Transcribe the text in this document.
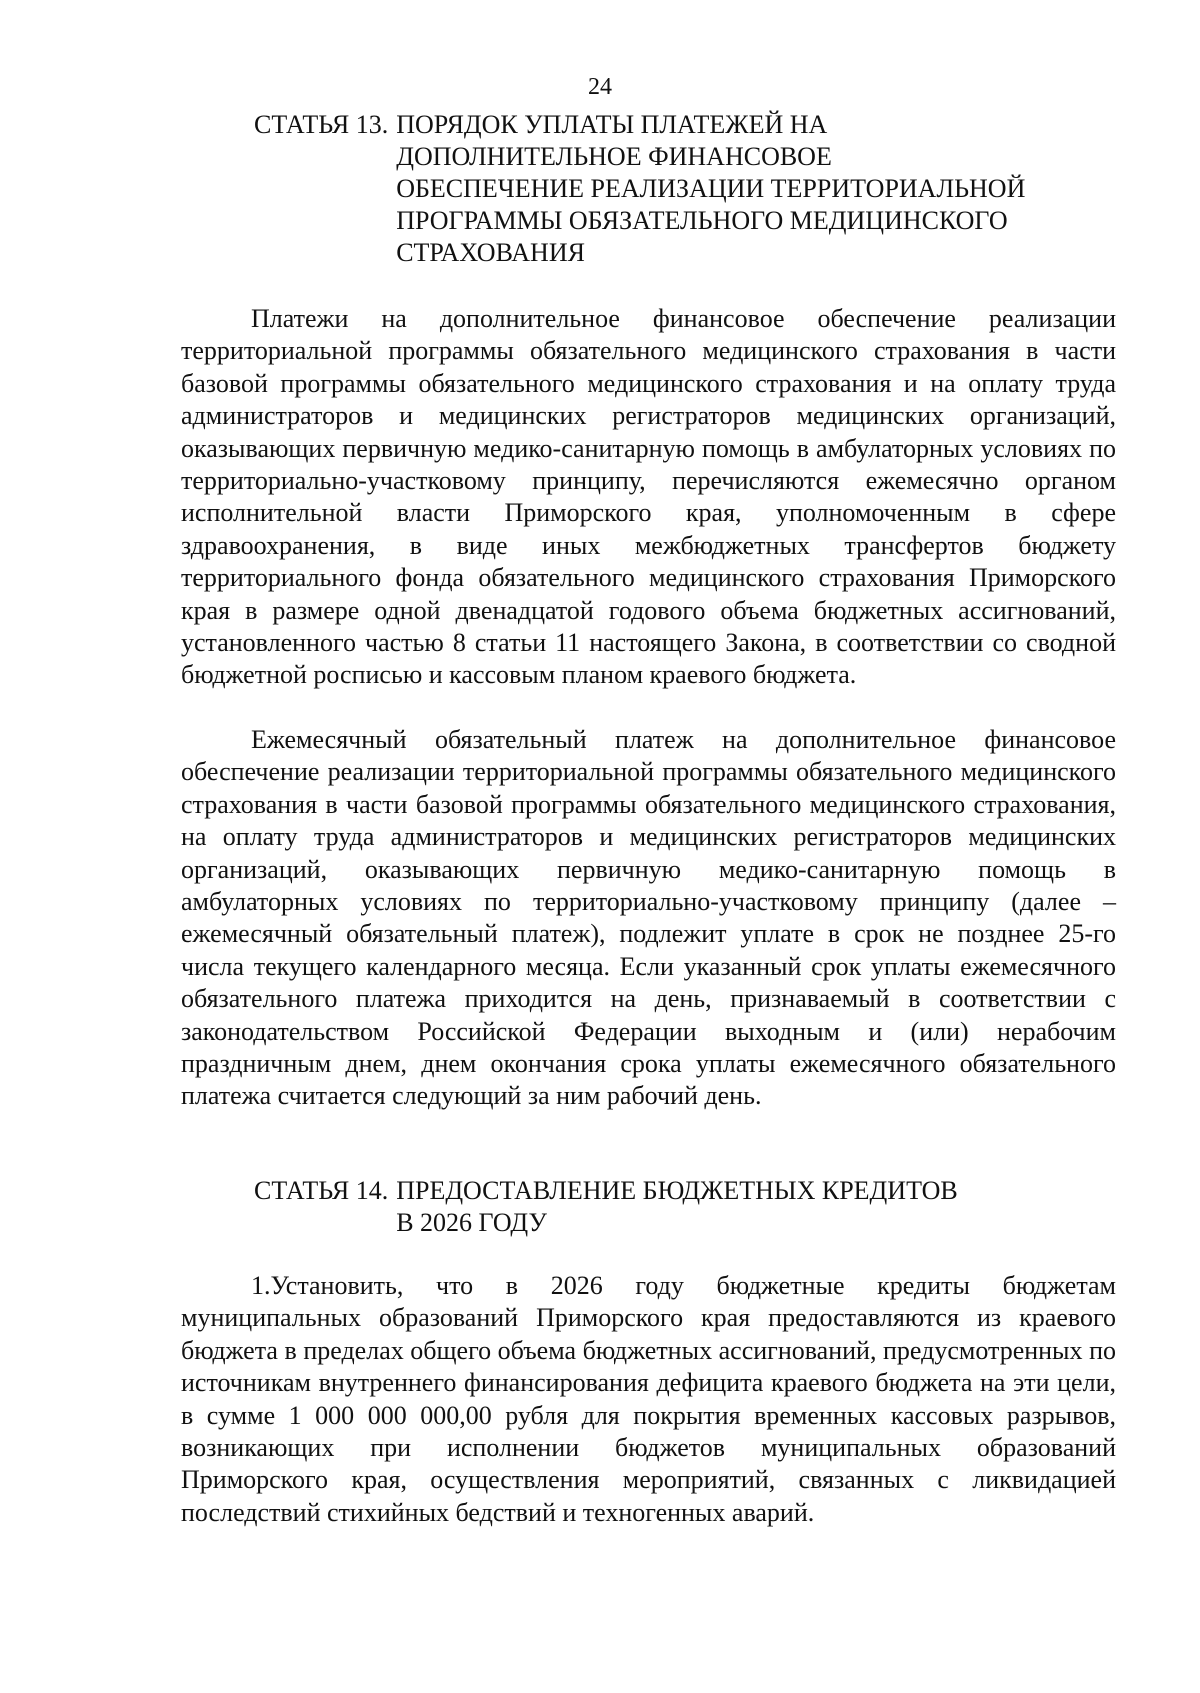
24
СТАТЬЯ 13. ПОРЯДОК УПЛАТЫ ПЛАТЕЖЕЙ НА
ДОПОЛНИТЕЛЬНОЕ ФИНАНСОВОЕ
ОБЕСПЕЧЕНИЕ РЕАЛИЗАЦИИ ТЕРРИТОРИАЛЬНОЙ
ПРОГРАММЫ ОБЯЗАТЕЛЬНОГО МЕДИЦИНСКОГО
СТРАХОВАНИЯ

Платежи на дополнительное финансовое обеспечение реализации территориальной программы обязательного медицинского страхования в части базовой программы обязательного медицинского страхования и на оплату труда администраторов и медицинских регистраторов медицинских организаций, оказывающих первичную медико-санитарную помощь в амбулаторных условиях по территориально-участковому принципу, перечисляются ежемесячно органом исполнительной власти Приморского края, уполномоченным в сфере здравоохранения, в виде иных межбюджетных трансфертов бюджету территориального фонда обязательного медицинского страхования Приморского края в размере одной двенадцатой годового объема бюджетных ассигнований, установленного частью 8 статьи 11 настоящего Закона, в соответствии со сводной бюджетной росписью и кассовым планом краевого бюджета.

Ежемесячный обязательный платеж на дополнительное финансовое обеспечение реализации территориальной программы обязательного медицинского страхования в части базовой программы обязательного медицинского страхования, на оплату труда администраторов и медицинских регистраторов медицинских организаций, оказывающих первичную медико-санитарную помощь в амбулаторных условиях по территориально-участковому принципу (далее – ежемесячный обязательный платеж), подлежит уплате в срок не позднее 25-го числа текущего календарного месяца. Если указанный срок уплаты ежемесячного обязательного платежа приходится на день, признаваемый в соответствии с законодательством Российской Федерации выходным и (или) нерабочим праздничным днем, днем окончания срока уплаты ежемесячного обязательного платежа считается следующий за ним рабочий день.

СТАТЬЯ 14. ПРЕДОСТАВЛЕНИЕ БЮДЖЕТНЫХ КРЕДИТОВ
В 2026 ГОДУ

1.Установить, что в 2026 году бюджетные кредиты бюджетам муниципальных образований Приморского края предоставляются из краевого бюджета в пределах общего объема бюджетных ассигнований, предусмотренных по источникам внутреннего финансирования дефицита краевого бюджета на эти цели, в сумме 1 000 000 000,00 рубля для покрытия временных кассовых разрывов, возникающих при исполнении бюджетов муниципальных образований Приморского края, осуществления мероприятий, связанных с ликвидацией последствий стихийных бедствий и техногенных аварий.
